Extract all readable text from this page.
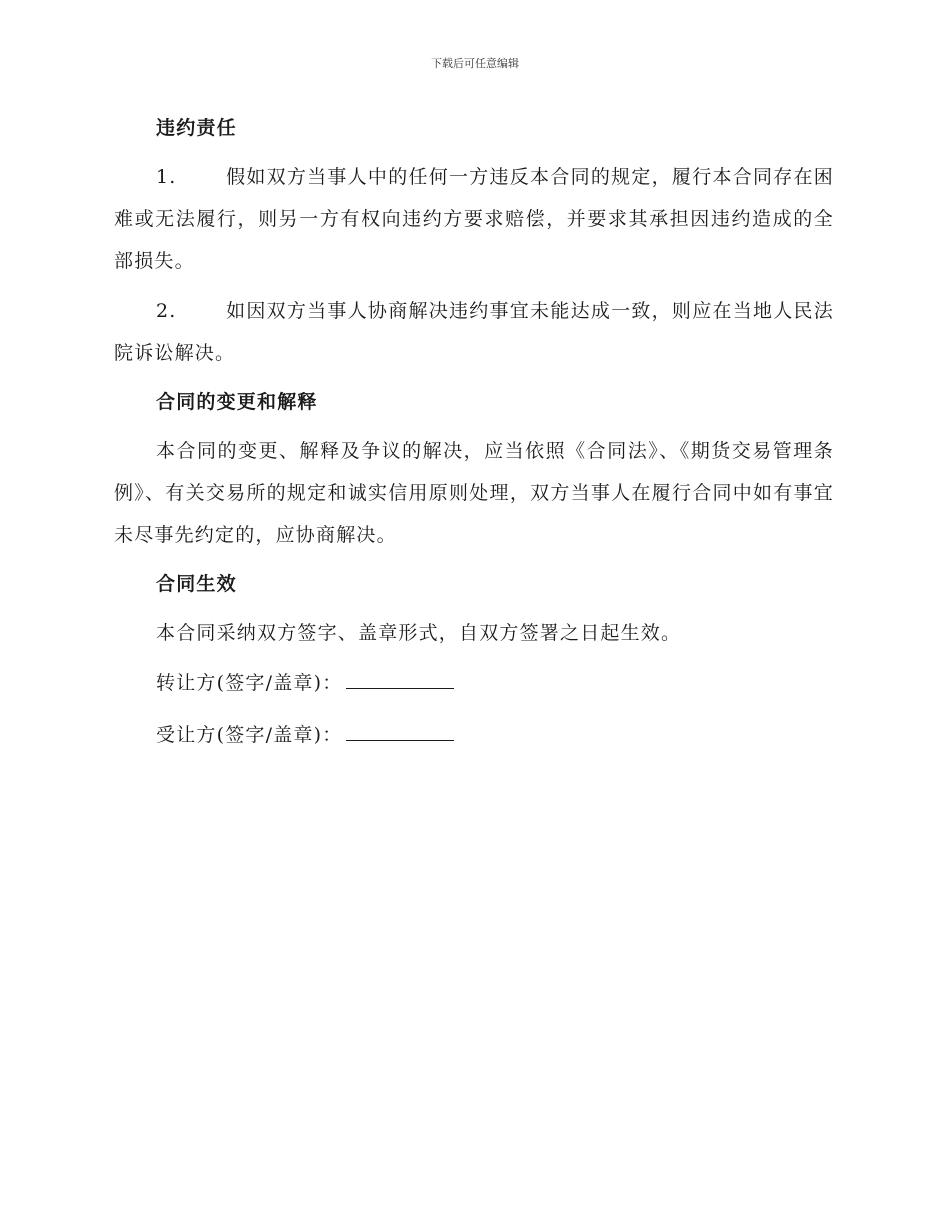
下载后可任意编辑
违约责任

1.	假如双方当事人中的任何一方违反本合同的规定，履行本合同存在困难或无法履行，则另一方有权向违约方要求赔偿，并要求其承担因违约造成的全部损失。

2.	如因双方当事人协商解决违约事宜未能达成一致，则应在当地人民法院诉讼解决。

合同的变更和解释

本合同的变更、解释及争议的解决，应当依照《合同法》、《期货交易管理条例》、有关交易所的规定和诚实信用原则处理，双方当事人在履行合同中如有事宜未尽事先约定的，应协商解决。

合同生效

本合同采纳双方签字、盖章形式，自双方签署之日起生效。

转让方(签字/盖章)：
受让方(签字/盖章)：
